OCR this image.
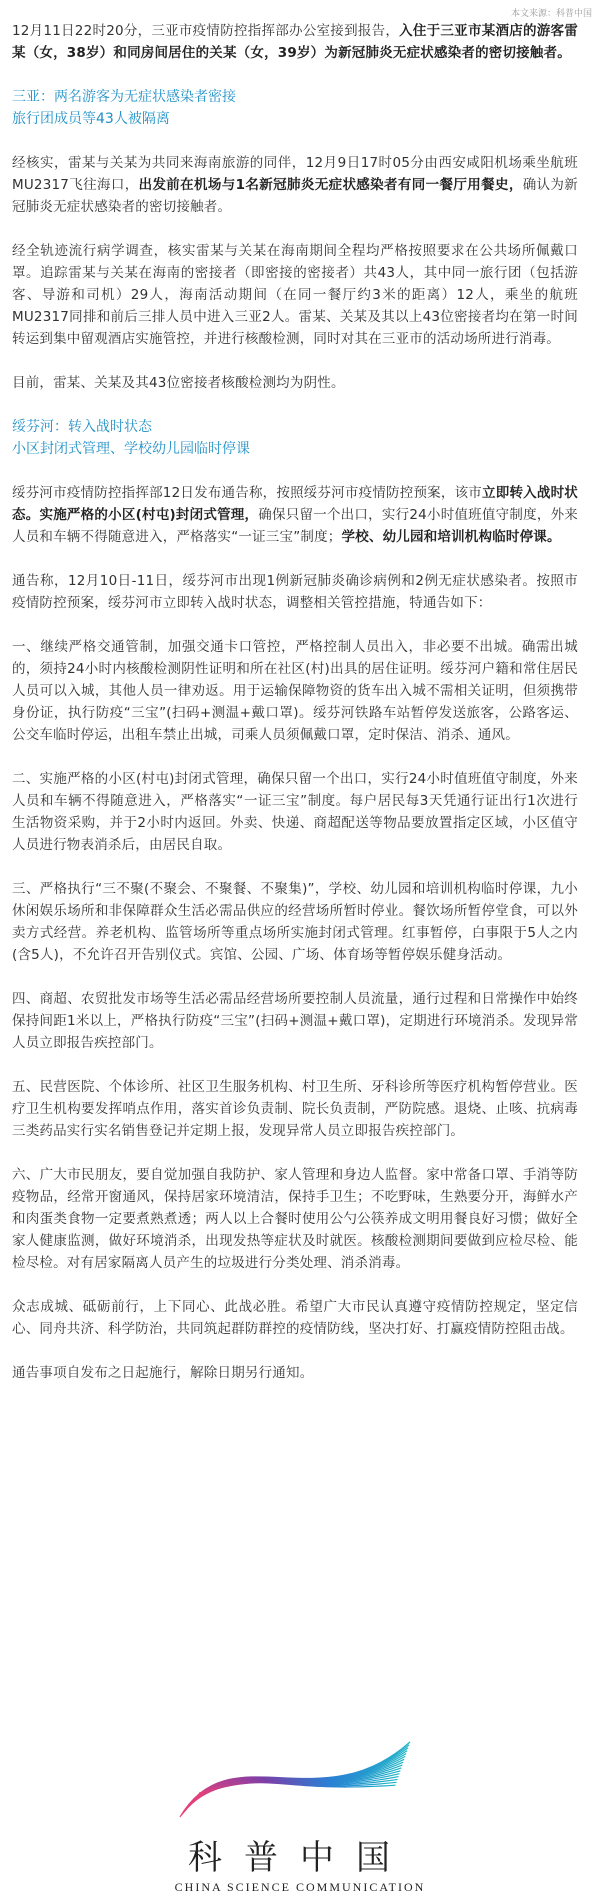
本文来源：科普中国

12月11日22时20分，三亚市疫情防控指挥部办公室接到报告，入住于三亚市某酒店的游客雷某（女，38岁）和同房间居住的关某（女，39岁）为新冠肺炎无症状感染者的密切接触者。

三亚：两名游客为无症状感染者密接
旅行团成员等43人被隔离

经核实，雷某与关某为共同来海南旅游的同伴，12月9日17时05分由西安咸阳机场乘坐航班MU2317飞往海口，出发前在机场与1名新冠肺炎无症状感染者有同一餐厅用餐史，确认为新冠肺炎无症状感染者的密切接触者。

经全轨迹流行病学调查，核实雷某与关某在海南期间全程均严格按照要求在公共场所佩戴口罩。追踪雷某与关某在海南的密接者（即密接的密接者）共43人，其中同一旅行团（包括游客、导游和司机）29人，海南活动期间（在同一餐厅约3米的距离）12人，乘坐的航班MU2317同排和前后三排人员中进入三亚2人。雷某、关某及其以上43位密接者均在第一时间转运到集中留观酒店实施管控，并进行核酸检测，同时对其在三亚市的活动场所进行消毒。

目前，雷某、关某及其43位密接者核酸检测均为阴性。

绥芬河：转入战时状态
小区封闭式管理、学校幼儿园临时停课

绥芬河市疫情防控指挥部12日发布通告称，按照绥芬河市疫情防控预案，该市立即转入战时状态。实施严格的小区(村屯)封闭式管理，确保只留一个出口，实行24小时值班值守制度，外来人员和车辆不得随意进入，严格落实“一证三宝”制度；学校、幼儿园和培训机构临时停课。

通告称，12月10日-11日，绥芬河市出现1例新冠肺炎确诊病例和2例无症状感染者。按照市疫情防控预案，绥芬河市立即转入战时状态，调整相关管控措施，特通告如下：

一、继续严格交通管制，加强交通卡口管控，严格控制人员出入，非必要不出城。确需出城的，须持24小时内核酸检测阴性证明和所在社区(村)出具的居住证明。绥芬河户籍和常住居民人员可以入城，其他人员一律劝返。用于运输保障物资的货车出入城不需相关证明，但须携带身份证，执行防疫“三宝”(扫码+测温+戴口罩)。绥芬河铁路车站暂停发送旅客，公路客运、公交车临时停运，出租车禁止出城，司乘人员须佩戴口罩，定时保洁、消杀、通风。

二、实施严格的小区(村屯)封闭式管理，确保只留一个出口，实行24小时值班值守制度，外来人员和车辆不得随意进入，严格落实“一证三宝”制度。每户居民每3天凭通行证出行1次进行生活物资采购，并于2小时内返回。外卖、快递、商超配送等物品要放置指定区域，小区值守人员进行物表消杀后，由居民自取。

三、严格执行“三不聚(不聚会、不聚餐、不聚集)”，学校、幼儿园和培训机构临时停课，九小休闲娱乐场所和非保障群众生活必需品供应的经营场所暂时停业。餐饮场所暂停堂食，可以外卖方式经营。养老机构、监管场所等重点场所实施封闭式管理。红事暂停，白事限于5人之内(含5人)，不允许召开告别仪式。宾馆、公园、广场、体育场等暂停娱乐健身活动。

四、商超、农贸批发市场等生活必需品经营场所要控制人员流量，通行过程和日常操作中始终保持间距1米以上，严格执行防疫“三宝”(扫码+测温+戴口罩)，定期进行环境消杀。发现异常人员立即报告疾控部门。

五、民营医院、个体诊所、社区卫生服务机构、村卫生所、牙科诊所等医疗机构暂停营业。医疗卫生机构要发挥哨点作用，落实首诊负责制、院长负责制，严防院感。退烧、止咳、抗病毒三类药品实行实名销售登记并定期上报，发现异常人员立即报告疾控部门。

六、广大市民朋友，要自觉加强自我防护、家人管理和身边人监督。家中常备口罩、手消等防疫物品，经常开窗通风，保持居家环境清洁，保持手卫生；不吃野味，生熟要分开，海鲜水产和肉蛋类食物一定要煮熟煮透；两人以上合餐时使用公勺公筷养成文明用餐良好习惯；做好全家人健康监测，做好环境消杀，出现发热等症状及时就医。核酸检测期间要做到应检尽检、能检尽检。对有居家隔离人员产生的垃圾进行分类处理、消杀消毒。

众志成城、砥砺前行，上下同心、此战必胜。希望广大市民认真遵守疫情防控规定，坚定信心、同舟共济、科学防治，共同筑起群防群控的疫情防线，坚决打好、打赢疫情防控阻击战。

通告事项自发布之日起施行，解除日期另行通知。

科普中国
CHINA SCIENCE COMMUNICATION
